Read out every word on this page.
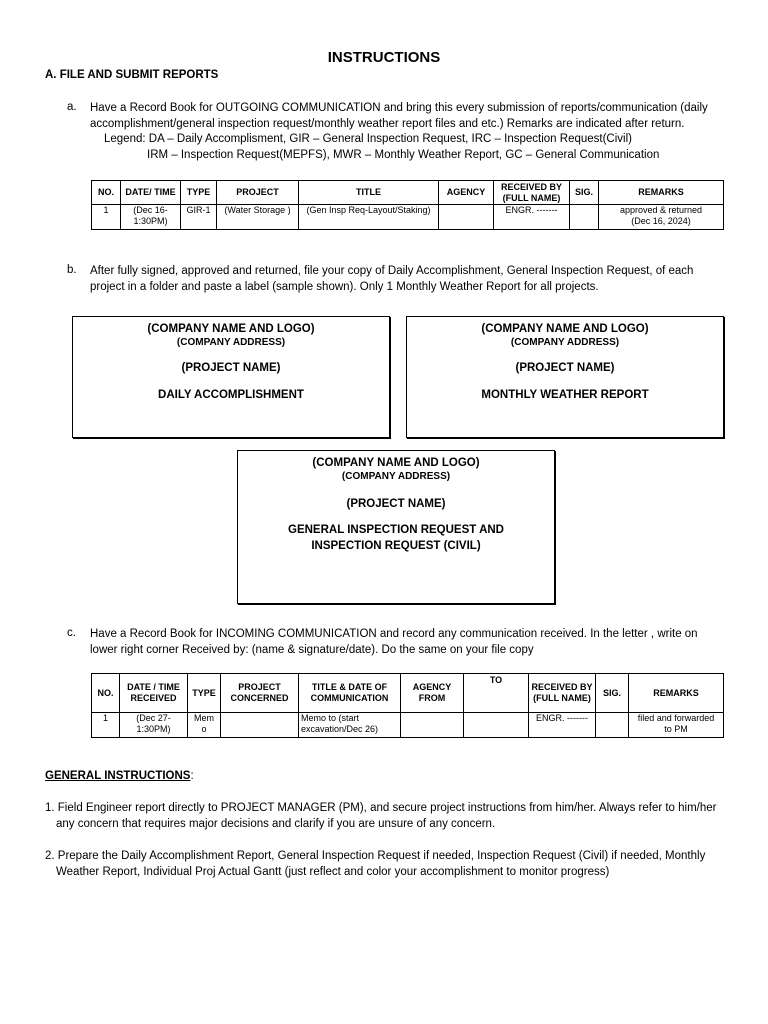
INSTRUCTIONS
A. FILE AND SUBMIT REPORTS
a. Have a Record Book for OUTGOING COMMUNICATION and bring this every submission of reports/communication (daily
accomplishment/general inspection request/monthly weather report files and etc.) Remarks are indicated after return.
Legend: DA – Daily Accomplisment, GIR – General Inspection Request, IRC – Inspection Request(Civil)
IRM – Inspection Request(MEPFS), MWR – Monthly Weather Report, GC – General Communication
NO.	DATE/ TIME	TYPE	PROJECT	TITLE	AGENCY	RECEIVED BY (FULL NAME)	SIG.	REMARKS
1	(Dec 16-
1:30PM)	GIR-1	(Water Storage )	(Gen Insp Req-Layout/Staking)		ENGR. -------		approved & returned
(Dec 16, 2024)
b. After fully signed, approved and returned, file your copy of Daily Accomplishment, General Inspection Request, of each
project in a folder and paste a label (sample shown). Only 1 Monthly Weather Report for all projects.
(COMPANY NAME AND LOGO)
(COMPANY ADDRESS)
(PROJECT NAME)
DAILY ACCOMPLISHMENT
(COMPANY NAME AND LOGO)
(COMPANY ADDRESS)
(PROJECT NAME)
MONTHLY WEATHER REPORT
(COMPANY NAME AND LOGO)
(COMPANY ADDRESS)
(PROJECT NAME)
GENERAL INSPECTION REQUEST AND
INSPECTION REQUEST (CIVIL)
c. Have a Record Book for INCOMING COMMUNICATION and record any communication received. In the letter , write on
lower right corner Received by: (name & signature/date). Do the same on your file copy
NO.	DATE / TIME RECEIVED	TYPE	PROJECT CONCERNED	TITLE & DATE OF COMMUNICATION	AGENCY FROM	TO	RECEIVED BY (FULL NAME)	SIG.	REMARKS
1	(Dec 27-
1:30PM)	Mem
o		Memo to (start
excavation/Dec 26)			ENGR. -------		filed and forwarded
to PM
GENERAL INSTRUCTIONS:
1. Field Engineer report directly to PROJECT MANAGER (PM), and secure project instructions from him/her. Always refer to him/her
any concern that requires major decisions and clarify if you are unsure of any concern.
2. Prepare the Daily Accomplishment Report, General Inspection Request if needed, Inspection Request (Civil) if needed, Monthly
Weather Report, Individual Proj Actual Gantt (just reflect and color your accomplishment to monitor progress)
